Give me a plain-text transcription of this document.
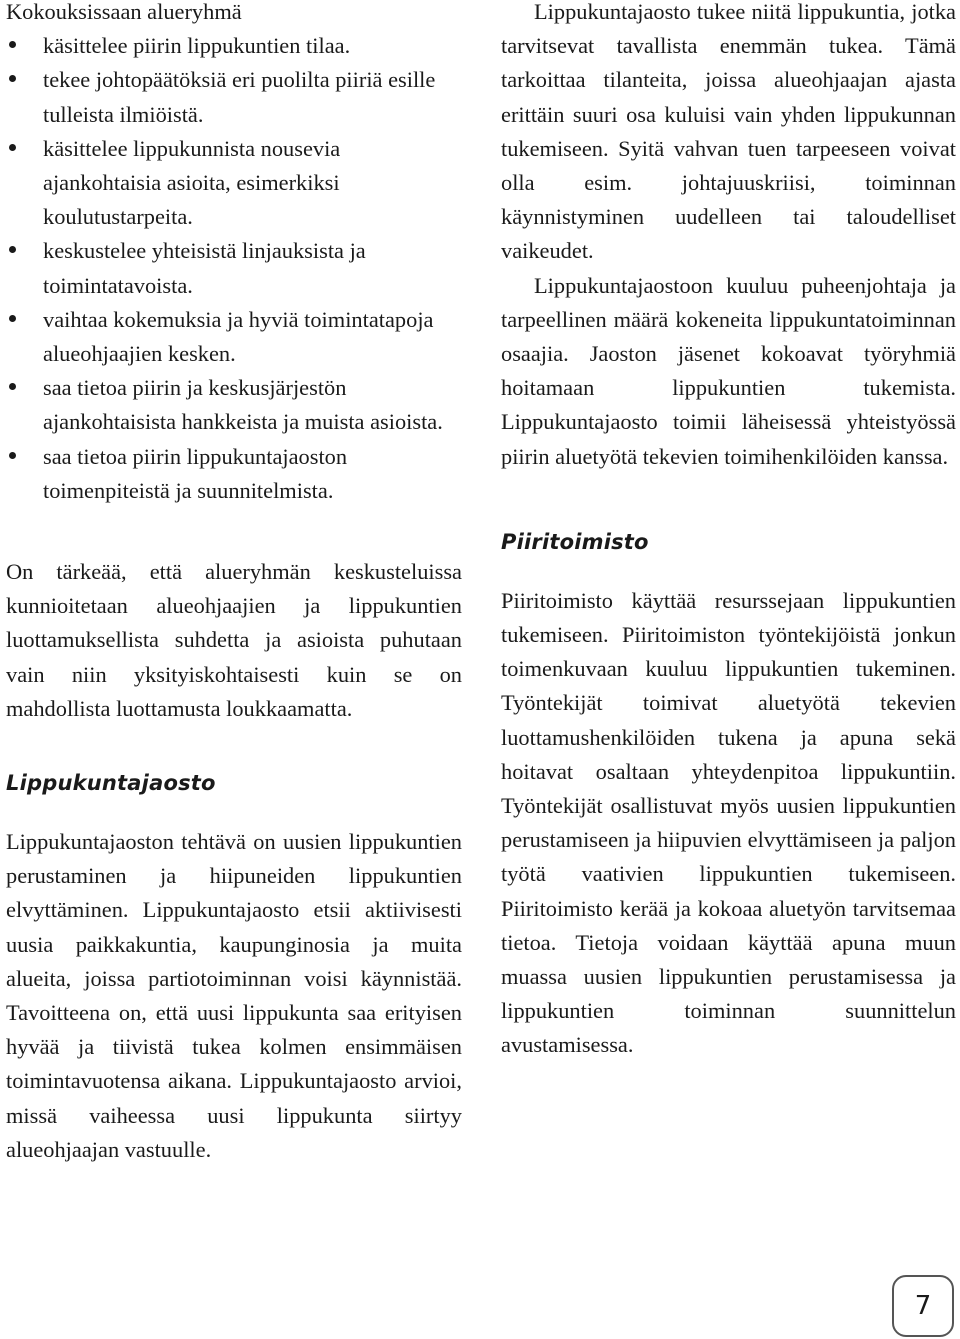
Kokouksissaan alueryhmä

käsittelee piirin lippukuntien tilaa.
tekee johtopäätöksiä eri puolilta piiriä esille tulleista ilmiöistä.
käsittelee lippukunnista nousevia ajankohtaisia asioita, esimerkiksi koulutustarpeita.
keskustelee yhteisistä linjauksista ja toimintatavoista.
vaihtaa kokemuksia ja hyviä toimintatapoja alueohjaajien kesken.
saa tietoa piirin ja keskusjärjestön ajankohtaisista hankkeista ja muista asioista.
saa tietoa piirin lippukuntajaoston toimenpiteistä ja suunnitelmista.

On tärkeää, että alueryhmän keskusteluissa kunnioitetaan alueohjaajien ja lippukuntien luottamuksellista suhdetta ja asioista puhutaan vain niin yksityiskohtaisesti kuin se on mahdollista luottamusta loukkaamatta.

Lippukuntajaosto

Lippukuntajaoston tehtävä on uusien lippukuntien perustaminen ja hiipuneiden lippukuntien elvyttäminen. Lippukuntajaosto etsii aktiivisesti uusia paikkakuntia, kaupunginosia ja muita alueita, joissa partiotoiminnan voisi käynnistää. Tavoitteena on, että uusi lippukunta saa erityisen hyvää ja tiivistä tukea kolmen ensimmäisen toimintavuotensa aikana. Lippukuntajaosto arvioi, missä vaiheessa uusi lippukunta siirtyy alueohjaajan vastuulle.

Lippukuntajaosto tukee niitä lippukuntia, jotka tarvitsevat tavallista enemmän tukea. Tämä tarkoittaa tilanteita, joissa alueohjaajan ajasta erittäin suuri osa kuluisi vain yhden lippukunnan tukemiseen. Syitä vahvan tuen tarpeeseen voivat olla esim. johtajuuskriisi, toiminnan käynnistyminen uudelleen tai taloudelliset vaikeudet.

Lippukuntajaostoon kuuluu puheenjohtaja ja tarpeellinen määrä kokeneita lippukuntatoiminnan osaajia. Jaoston jäsenet kokoavat työryhmiä hoitamaan lippukuntien tukemista. Lippukuntajaosto toimii läheisessä yhteistyössä piirin aluetyötä tekevien toimihenkilöiden kanssa.

Piiritoimisto

Piiritoimisto käyttää resurssejaan lippukuntien tukemiseen. Piiritoimiston työntekijöistä jonkun toimenkuvaan kuuluu lippukuntien tukeminen. Työntekijät toimivat aluetyötä tekevien luottamushenkilöiden tukena ja apuna sekä hoitavat osaltaan yhteydenpitoa lippukuntiin. Työntekijät osallistuvat myös uusien lippukuntien perustamiseen ja hiipuvien elvyttämiseen ja paljon työtä vaativien lippukuntien tukemiseen. Piiritoimisto kerää ja kokoaa aluetyön tarvitsemaa tietoa. Tietoja voidaan käyttää apuna muun muassa uusien lippukuntien perustamisessa ja lippukuntien toiminnan suunnittelun avustamisessa.

7
